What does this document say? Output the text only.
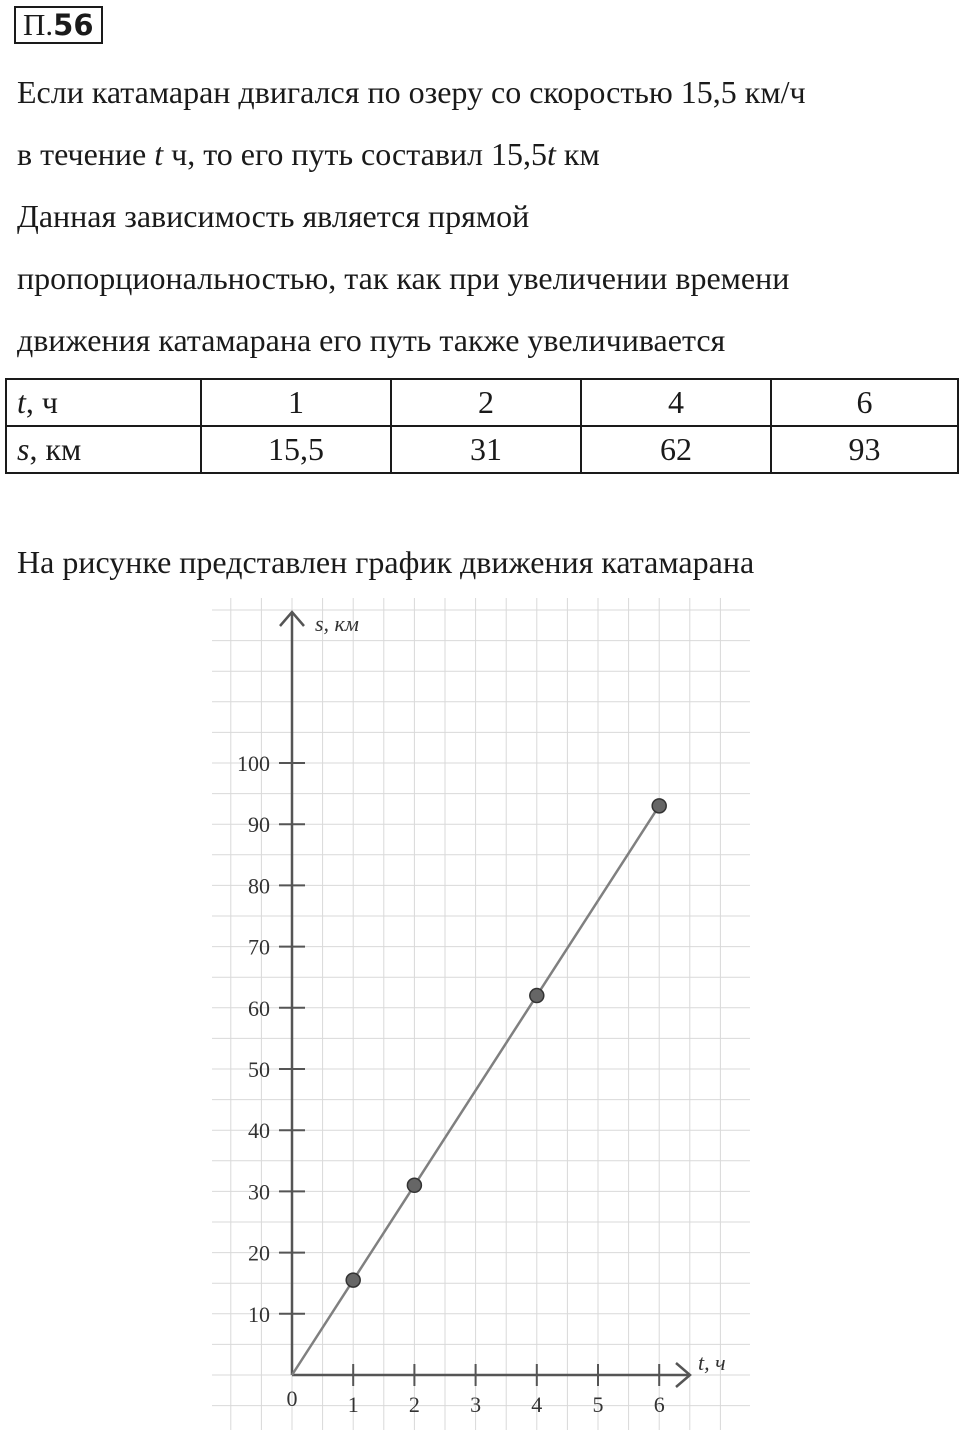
П.56
Если катамаран двигался по озеру со скоростью 15,5 км/ч
в течение t ч, то его путь составил 15,5t км
Данная зависимость является прямой
пропорциональностью, так как при увеличении времени
движения катамарана его путь также увеличивается
t, ч	1	2	4	6
s, км	15,5	31	62	93
На рисунке представлен график движения катамарана
t, ч
s, км
0 1 2 3 4 5 6
10
20
30
40
50
60
70
80
90
100
